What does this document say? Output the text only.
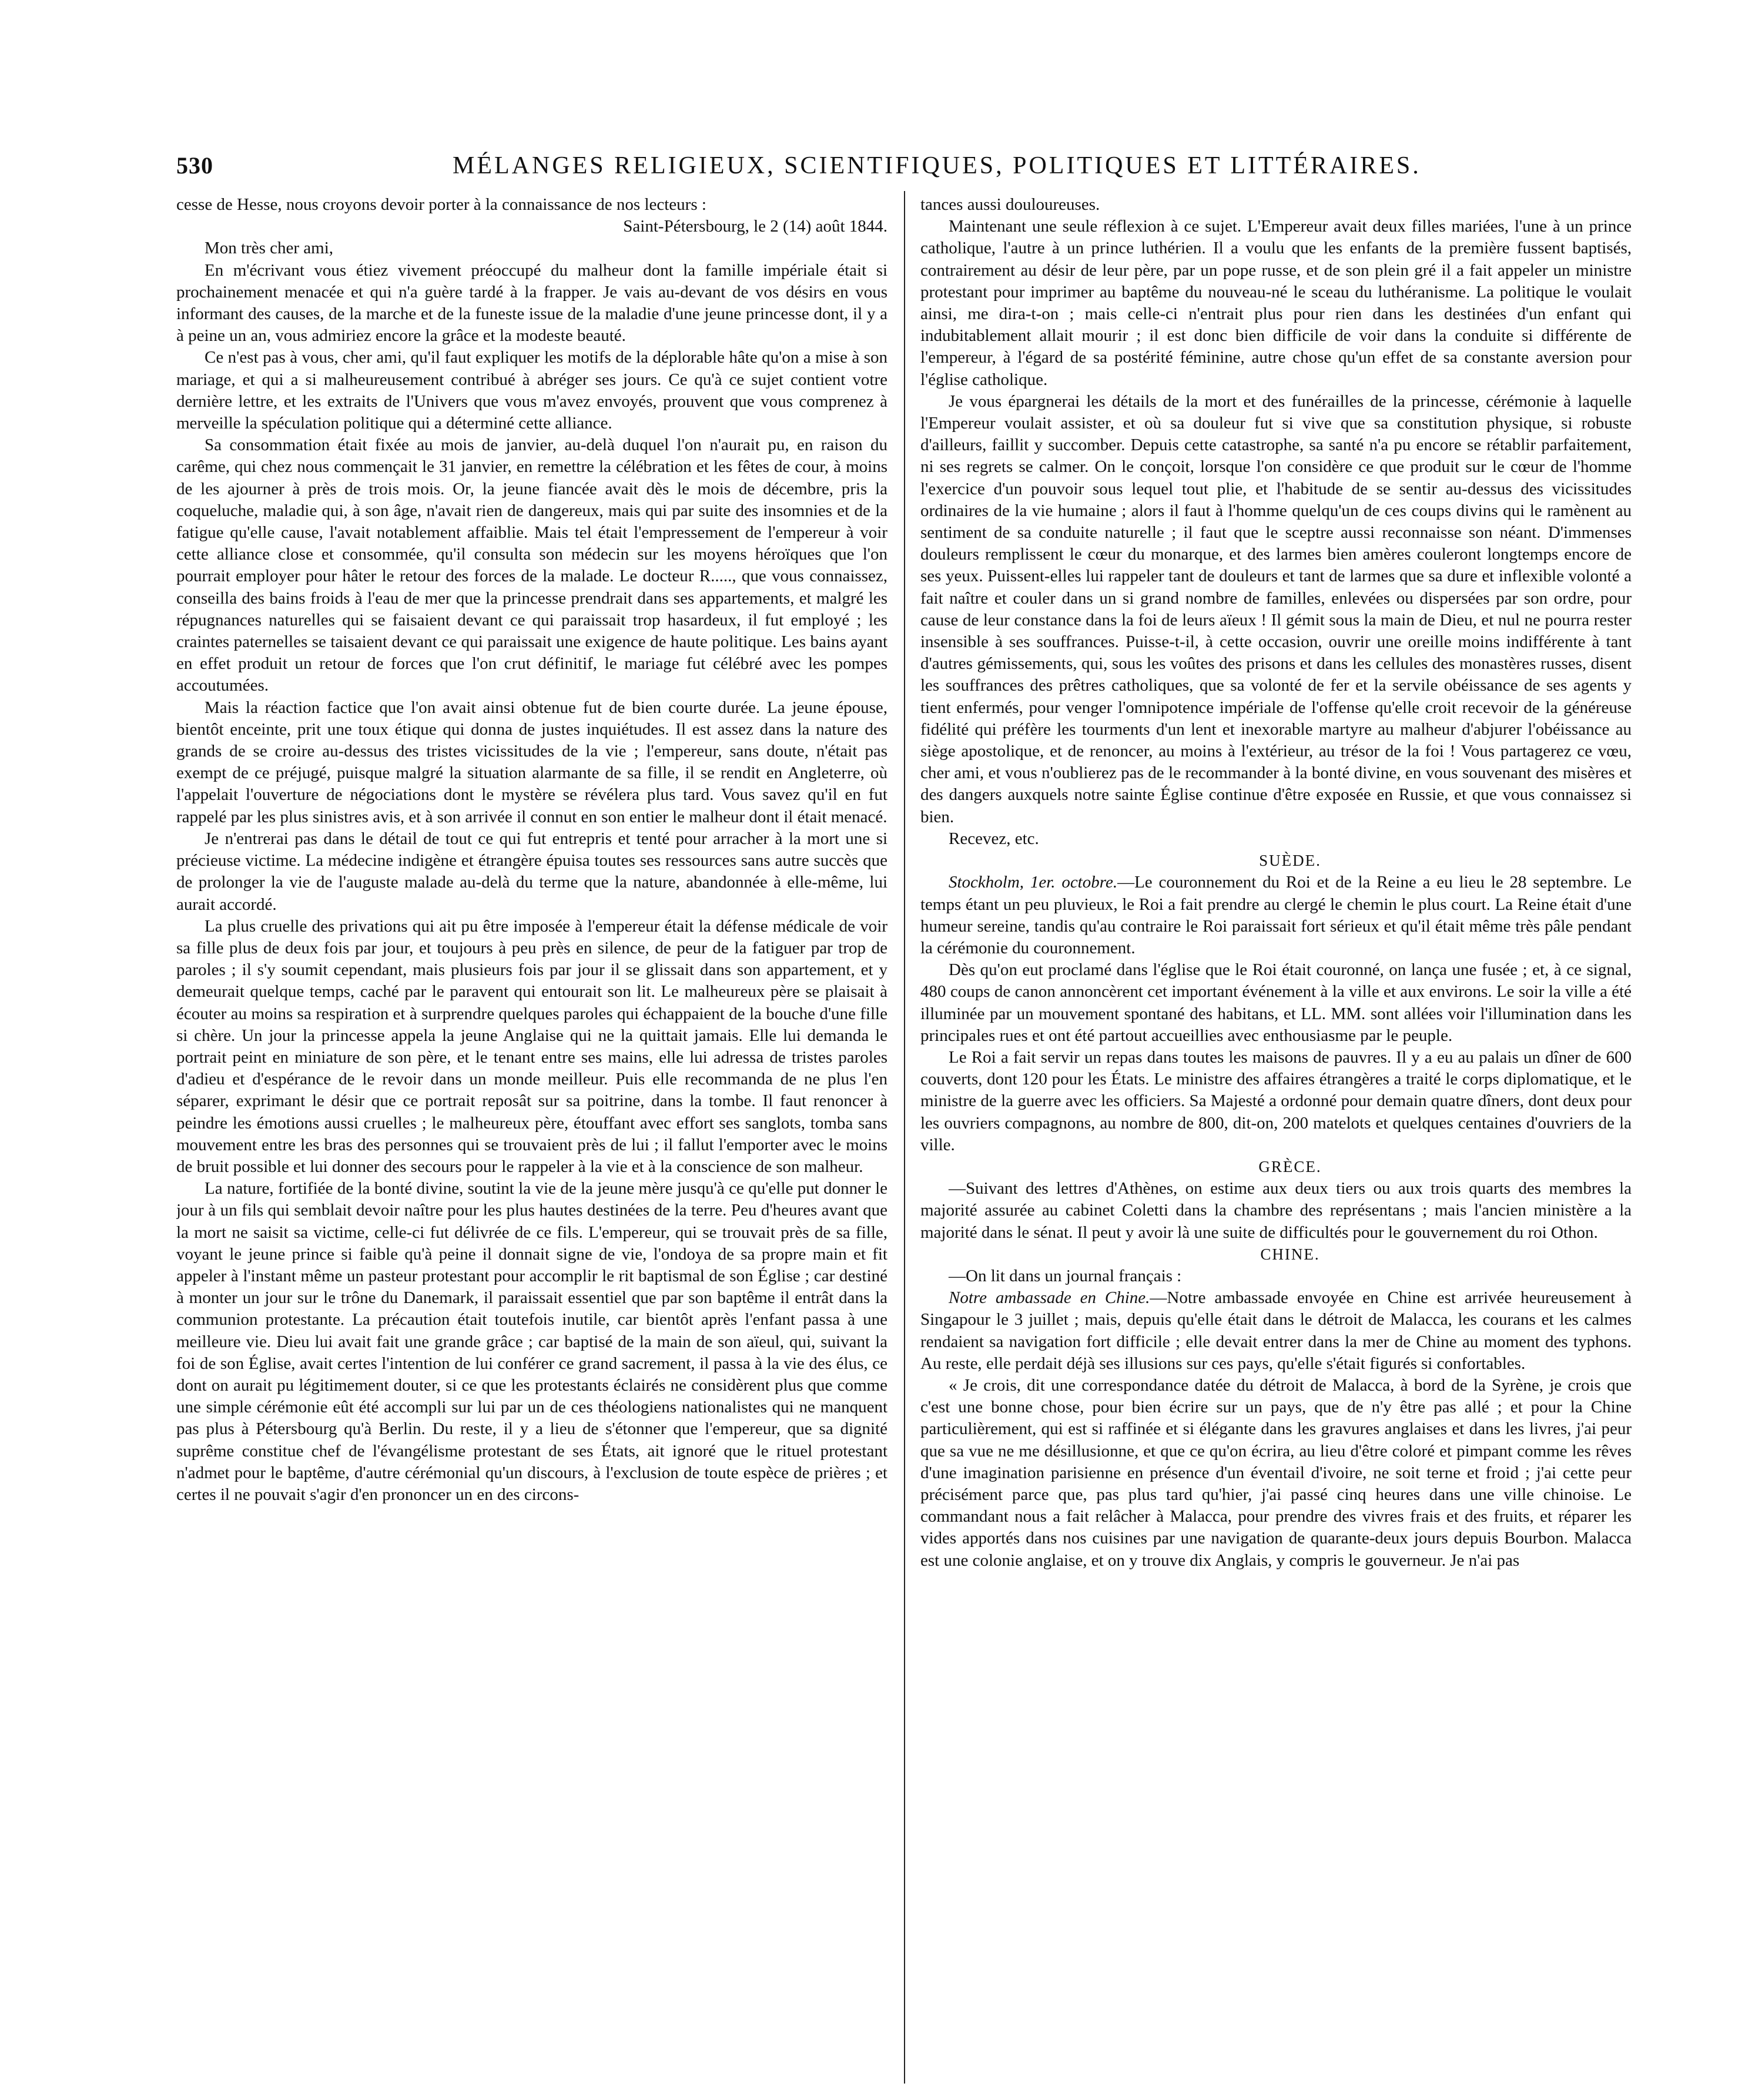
530	MÉLANGES RELIGIEUX, SCIENTIFIQUES, POLITIQUES ET LITTÉRAIRES.

cesse de Hesse, nous croyons devoir porter à la connaissance de nos lecteurs :

Saint-Pétersbourg, le 2 (14) août 1844.

Mon très cher ami,

En m'écrivant vous étiez vivement préoccupé du malheur dont la famille impériale était si prochainement menacée et qui n'a guère tardé à la frapper. Je vais au-devant de vos désirs en vous informant des causes, de la marche et de la funeste issue de la maladie d'une jeune princesse dont, il y a à peine un an, vous admiriez encore la grâce et la modeste beauté.

Ce n'est pas à vous, cher ami, qu'il faut expliquer les motifs de la déplorable hâte qu'on a mise à son mariage, et qui a si malheureusement contribué à abréger ses jours. Ce qu'à ce sujet contient votre dernière lettre, et les extraits de l'Univers que vous m'avez envoyés, prouvent que vous comprenez à merveille la spéculation politique qui a déterminé cette alliance.

Sa consommation était fixée au mois de janvier, au-delà duquel l'on n'aurait pu, en raison du carême, qui chez nous commençait le 31 janvier, en remettre la célébration et les fêtes de cour, à moins de les ajourner à près de trois mois. Or, la jeune fiancée avait dès le mois de décembre, pris la coqueluche, maladie qui, à son âge, n'avait rien de dangereux, mais qui par suite des insomnies et de la fatigue qu'elle cause, l'avait notablement affaiblie. Mais tel était l'empressement de l'empereur à voir cette alliance close et consommée, qu'il consulta son médecin sur les moyens héroïques que l'on pourrait employer pour hâter le retour des forces de la malade. Le docteur R....., que vous connaissez, conseilla des bains froids à l'eau de mer que la princesse prendrait dans ses appartements, et malgré les répugnances naturelles qui se faisaient devant ce qui paraissait trop hasardeux, il fut employé ; les craintes paternelles se taisaient devant ce qui paraissait une exigence de haute politique. Les bains ayant en effet produit un retour de forces que l'on crut définitif, le mariage fut célébré avec les pompes accoutumées.

Mais la réaction factice que l'on avait ainsi obtenue fut de bien courte durée. La jeune épouse, bientôt enceinte, prit une toux étique qui donna de justes inquiétudes. Il est assez dans la nature des grands de se croire au-dessus des tristes vicissitudes de la vie ; l'empereur, sans doute, n'était pas exempt de ce préjugé, puisque malgré la situation alarmante de sa fille, il se rendit en Angleterre, où l'appelait l'ouverture de négociations dont le mystère se révélera plus tard. Vous savez qu'il en fut rappelé par les plus sinistres avis, et à son arrivée il connut en son entier le malheur dont il était menacé.

Je n'entrerai pas dans le détail de tout ce qui fut entrepris et tenté pour arracher à la mort une si précieuse victime. La médecine indigène et étrangère épuisa toutes ses ressources sans autre succès que de prolonger la vie de l'auguste malade au-delà du terme que la nature, abandonnée à elle-même, lui aurait accordé.

La plus cruelle des privations qui ait pu être imposée à l'empereur était la défense médicale de voir sa fille plus de deux fois par jour, et toujours à peu près en silence, de peur de la fatiguer par trop de paroles ; il s'y soumit cependant, mais plusieurs fois par jour il se glissait dans son appartement, et y demeurait quelque temps, caché par le paravent qui entourait son lit. Le malheureux père se plaisait à écouter au moins sa respiration et à surprendre quelques paroles qui échappaient de la bouche d'une fille si chère. Un jour la princesse appela la jeune Anglaise qui ne la quittait jamais. Elle lui demanda le portrait peint en miniature de son père, et le tenant entre ses mains, elle lui adressa de tristes paroles d'adieu et d'espérance de le revoir dans un monde meilleur. Puis elle recommanda de ne plus l'en séparer, exprimant le désir que ce portrait reposât sur sa poitrine, dans la tombe. Il faut renoncer à peindre les émotions aussi cruelles ; le malheureux père, étouffant avec effort ses sanglots, tomba sans mouvement entre les bras des personnes qui se trouvaient près de lui ; il fallut l'emporter avec le moins de bruit possible et lui donner des secours pour le rappeler à la vie et à la conscience de son malheur.

La nature, fortifiée de la bonté divine, soutint la vie de la jeune mère jusqu'à ce qu'elle put donner le jour à un fils qui semblait devoir naître pour les plus hautes destinées de la terre. Peu d'heures avant que la mort ne saisit sa victime, celle-ci fut délivrée de ce fils. L'empereur, qui se trouvait près de sa fille, voyant le jeune prince si faible qu'à peine il donnait signe de vie, l'ondoya de sa propre main et fit appeler à l'instant même un pasteur protestant pour accomplir le rit baptismal de son Église ; car destiné à monter un jour sur le trône du Danemark, il paraissait essentiel que par son baptême il entrât dans la communion protestante. La précaution était toutefois inutile, car bientôt après l'enfant passa à une meilleure vie. Dieu lui avait fait une grande grâce ; car baptisé de la main de son aïeul, qui, suivant la foi de son Église, avait certes l'intention de lui conférer ce grand sacrement, il passa à la vie des élus, ce dont on aurait pu légitimement douter, si ce que les protestants éclairés ne considèrent plus que comme une simple cérémonie eût été accompli sur lui par un de ces théologiens nationalistes qui ne manquent pas plus à Pétersbourg qu'à Berlin. Du reste, il y a lieu de s'étonner que l'empereur, que sa dignité suprême constitue chef de l'évangélisme protestant de ses États, ait ignoré que le rituel protestant n'admet pour le baptême, d'autre cérémonial qu'un discours, à l'exclusion de toute espèce de prières ; et certes il ne pouvait s'agir d'en prononcer un en des circons-

tances aussi douloureuses.

Maintenant une seule réflexion à ce sujet. L'Empereur avait deux filles mariées, l'une à un prince catholique, l'autre à un prince luthérien. Il a voulu que les enfants de la première fussent baptisés, contrairement au désir de leur père, par un pope russe, et de son plein gré il a fait appeler un ministre protestant pour imprimer au baptême du nouveau-né le sceau du luthéranisme. La politique le voulait ainsi, me dira-t-on ; mais celle-ci n'entrait plus pour rien dans les destinées d'un enfant qui indubitablement allait mourir ; il est donc bien difficile de voir dans la conduite si différente de l'empereur, à l'égard de sa postérité féminine, autre chose qu'un effet de sa constante aversion pour l'église catholique.

Je vous épargnerai les détails de la mort et des funérailles de la princesse, cérémonie à laquelle l'Empereur voulait assister, et où sa douleur fut si vive que sa constitution physique, si robuste d'ailleurs, faillit y succomber. Depuis cette catastrophe, sa santé n'a pu encore se rétablir parfaitement, ni ses regrets se calmer. On le conçoit, lorsque l'on considère ce que produit sur le cœur de l'homme l'exercice d'un pouvoir sous lequel tout plie, et l'habitude de se sentir au-dessus des vicissitudes ordinaires de la vie humaine ; alors il faut à l'homme quelqu'un de ces coups divins qui le ramènent au sentiment de sa conduite naturelle ; il faut que le sceptre aussi reconnaisse son néant. D'immenses douleurs remplissent le cœur du monarque, et des larmes bien amères couleront longtemps encore de ses yeux. Puissent-elles lui rappeler tant de douleurs et tant de larmes que sa dure et inflexible volonté a fait naître et couler dans un si grand nombre de familles, enlevées ou dispersées par son ordre, pour cause de leur constance dans la foi de leurs aïeux ! Il gémit sous la main de Dieu, et nul ne pourra rester insensible à ses souffrances. Puisse-t-il, à cette occasion, ouvrir une oreille moins indifférente à tant d'autres gémissements, qui, sous les voûtes des prisons et dans les cellules des monastères russes, disent les souffrances des prêtres catholiques, que sa volonté de fer et la servile obéissance de ses agents y tient enfermés, pour venger l'omnipotence impériale de l'offense qu'elle croit recevoir de la généreuse fidélité qui préfère les tourments d'un lent et inexorable martyre au malheur d'abjurer l'obéissance au siège apostolique, et de renoncer, au moins à l'extérieur, au trésor de la foi ! Vous partagerez ce vœu, cher ami, et vous n'oublierez pas de le recommander à la bonté divine, en vous souvenant des misères et des dangers auxquels notre sainte Église continue d'être exposée en Russie, et que vous connaissez si bien.

Recevez, etc.

SUÈDE.

Stockholm, 1er. octobre.—Le couronnement du Roi et de la Reine a eu lieu le 28 septembre. Le temps étant un peu pluvieux, le Roi a fait prendre au clergé le chemin le plus court. La Reine était d'une humeur sereine, tandis qu'au contraire le Roi paraissait fort sérieux et qu'il était même très pâle pendant la cérémonie du couronnement.

Dès qu'on eut proclamé dans l'église que le Roi était couronné, on lança une fusée ; et, à ce signal, 480 coups de canon annoncèrent cet important événement à la ville et aux environs. Le soir la ville a été illuminée par un mouvement spontané des habitans, et LL. MM. sont allées voir l'illumination dans les principales rues et ont été partout accueillies avec enthousiasme par le peuple.

Le Roi a fait servir un repas dans toutes les maisons de pauvres. Il y a eu au palais un dîner de 600 couverts, dont 120 pour les États. Le ministre des affaires étrangères a traité le corps diplomatique, et le ministre de la guerre avec les officiers. Sa Majesté a ordonné pour demain quatre dîners, dont deux pour les ouvriers compagnons, au nombre de 800, dit-on, 200 matelots et quelques centaines d'ouvriers de la ville.

GRÈCE.

—Suivant des lettres d'Athènes, on estime aux deux tiers ou aux trois quarts des membres la majorité assurée au cabinet Coletti dans la chambre des représentans ; mais l'ancien ministère a la majorité dans le sénat. Il peut y avoir là une suite de difficultés pour le gouvernement du roi Othon.

CHINE.

—On lit dans un journal français :

Notre ambassade en Chine.—Notre ambassade envoyée en Chine est arrivée heureusement à Singapour le 3 juillet ; mais, depuis qu'elle était dans le détroit de Malacca, les courans et les calmes rendaient sa navigation fort difficile ; elle devait entrer dans la mer de Chine au moment des typhons. Au reste, elle perdait déjà ses illusions sur ces pays, qu'elle s'était figurés si confortables.

« Je crois, dit une correspondance datée du détroit de Malacca, à bord de la Syrène, je crois que c'est une bonne chose, pour bien écrire sur un pays, que de n'y être pas allé ; et pour la Chine particulièrement, qui est si raffinée et si élégante dans les gravures anglaises et dans les livres, j'ai peur que sa vue ne me désillusionne, et que ce qu'on écrira, au lieu d'être coloré et pimpant comme les rêves d'une imagination parisienne en présence d'un éventail d'ivoire, ne soit terne et froid ; j'ai cette peur précisément parce que, pas plus tard qu'hier, j'ai passé cinq heures dans une ville chinoise. Le commandant nous a fait relâcher à Malacca, pour prendre des vivres frais et des fruits, et réparer les vides apportés dans nos cuisines par une navigation de quarante-deux jours depuis Bourbon. Malacca est une colonie anglaise, et on y trouve dix Anglais, y compris le gouverneur. Je n'ai pas
